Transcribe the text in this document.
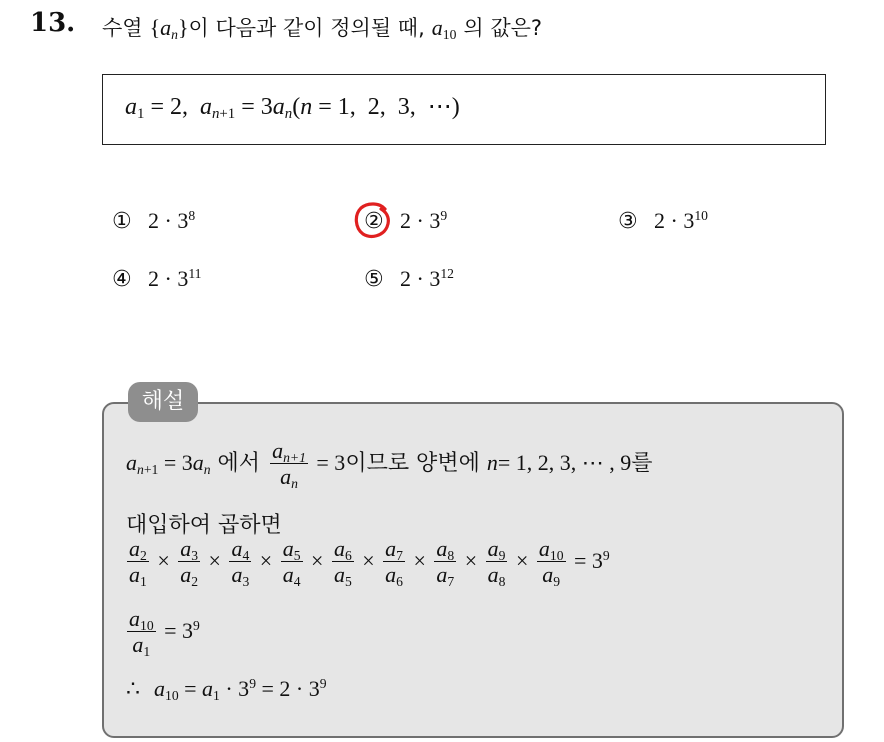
13. 수열 $\{a_n\}$이 다음과 같이 정의될 때, $a_{10}$ 의 값은?
$a_1 = 2$,  $a_{n+1} = 3a_n(n = 1$,  2,  3,  ⋯)
① $2 \cdot 3^8$	② $2 \cdot 3^9$	③ $2 \cdot 3^{10}$
④ $2 \cdot 3^{11}$	⑤ $2 \cdot 3^{12}$
해설
$a_{n+1} = 3a_n$ 에서 $\frac{a_{n+1}}{a_n} = 3$이므로 양변에 n= 1, 2, 3, ⋯ , 9를
대입하여 곱하면
$\frac{a_2}{a_1} \times \frac{a_3}{a_2} \times \frac{a_4}{a_3} \times \frac{a_5}{a_4} \times \frac{a_6}{a_5} \times \frac{a_7}{a_6} \times \frac{a_8}{a_7} \times \frac{a_9}{a_8} \times \frac{a_{10}}{a_9} = 3^9$
$\frac{a_{10}}{a_1} = 3^9$
∴ $a_{10} = a_1 \cdot 3^9 = 2 \cdot 3^9$
